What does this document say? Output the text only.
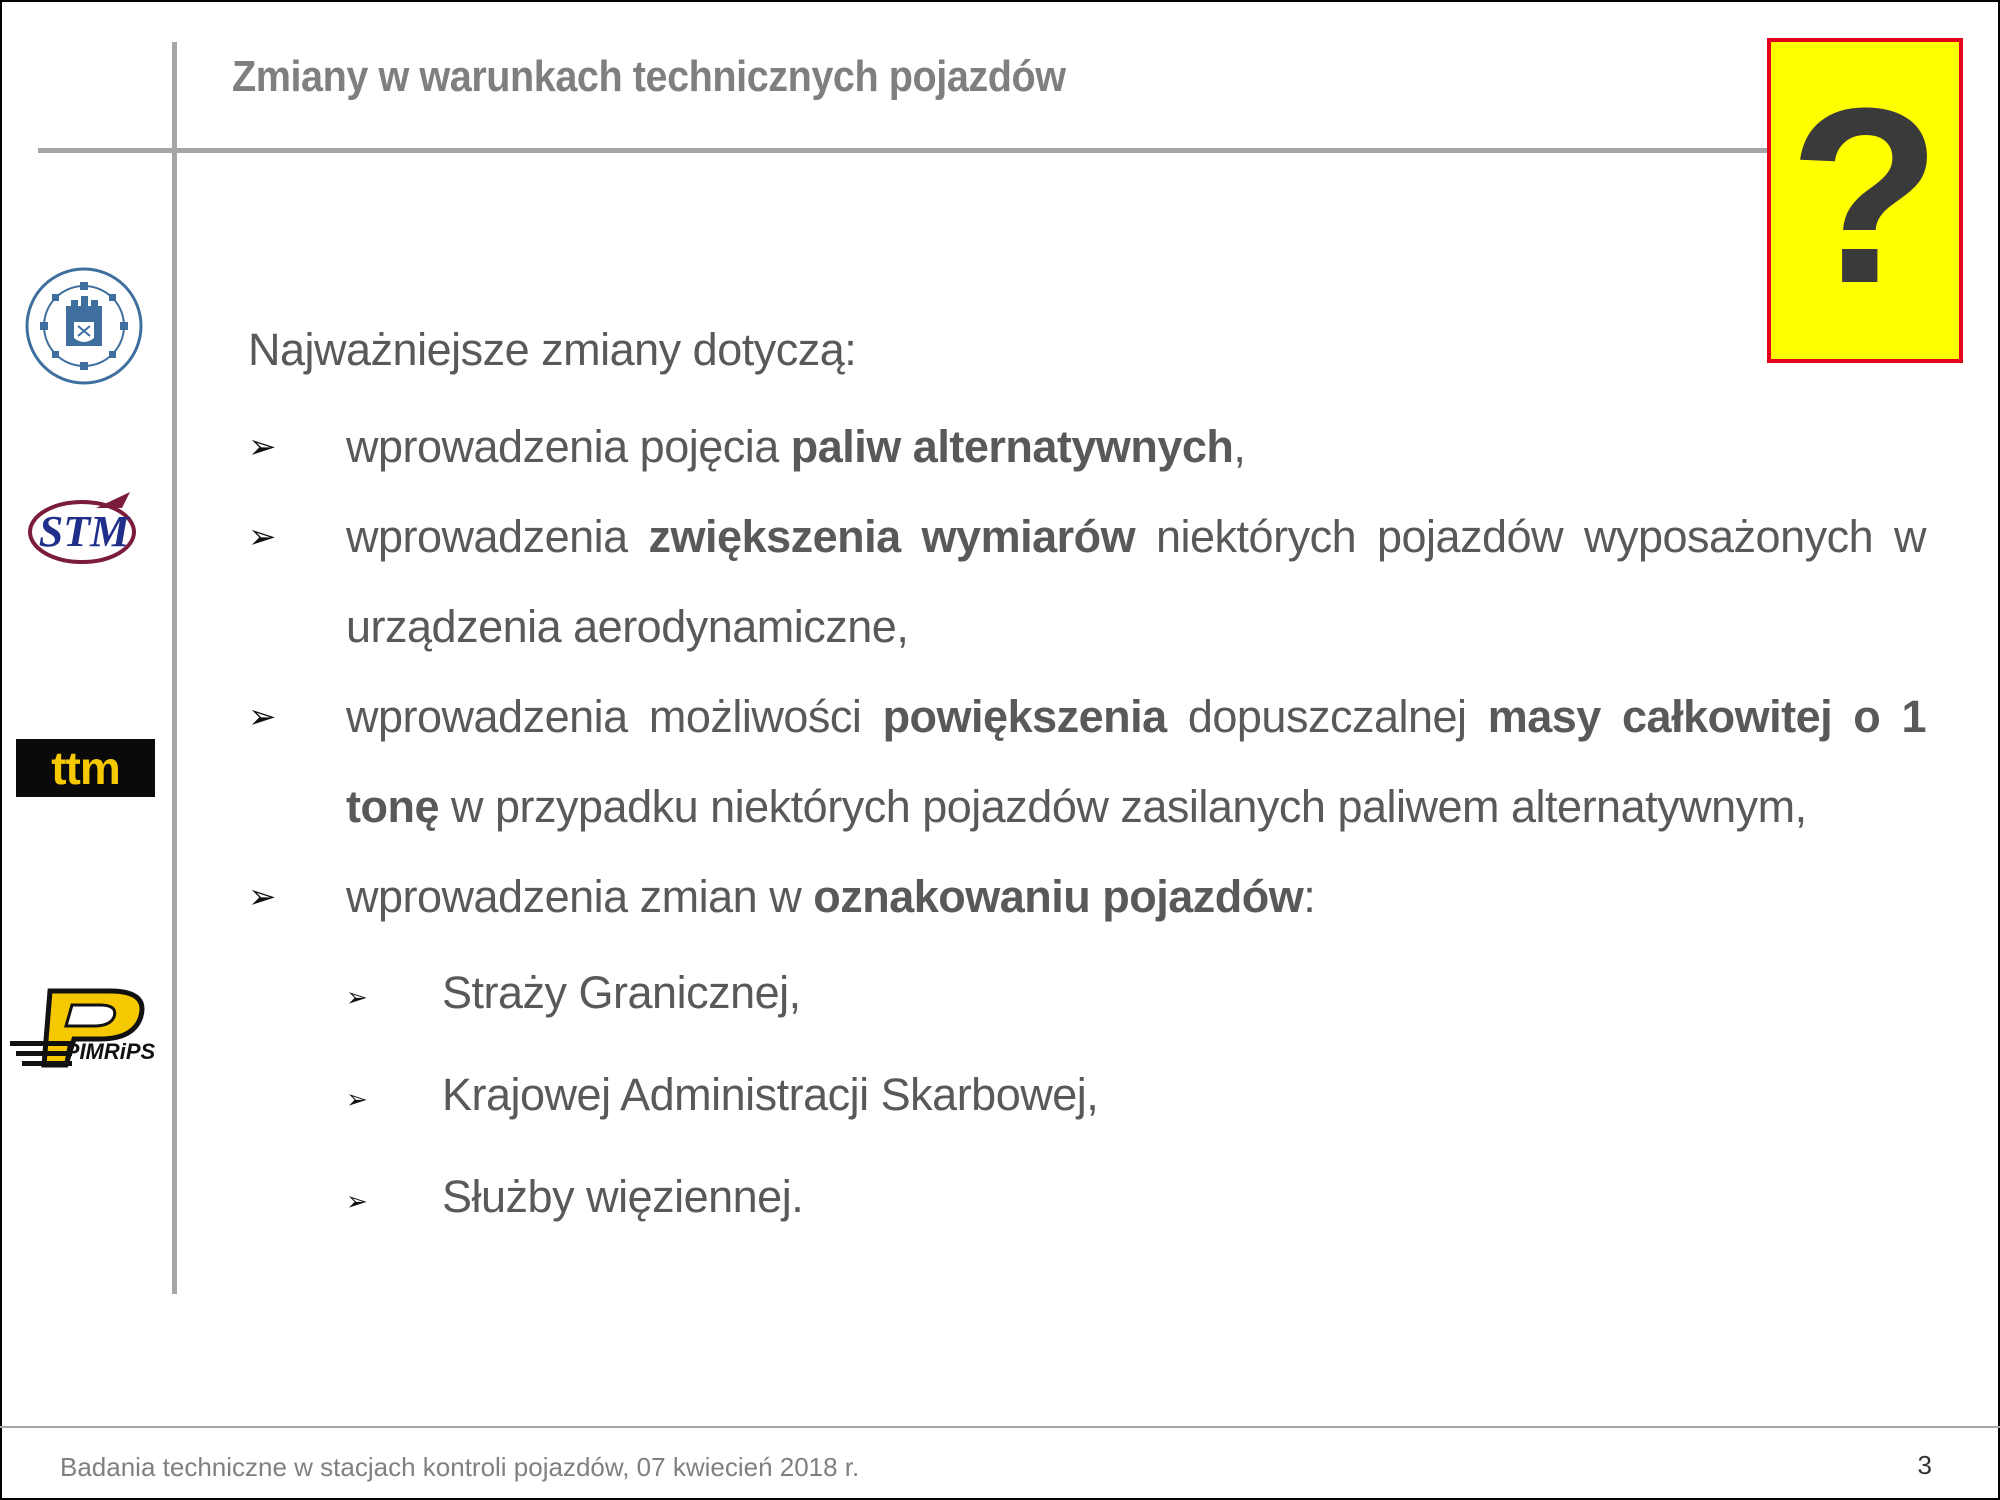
Zmiany w warunkach technicznych pojazdów	?
STM
ttm
PIMRiPS
Najważniejsze zmiany dotyczą:
➢ wprowadzenia pojęcia paliw alternatywnych,
➢ wprowadzenia zwiększenia wymiarów niektórych pojazdów wyposażonych w urządzenia aerodynamiczne,
➢ wprowadzenia możliwości powiększenia dopuszczalnej masy całkowitej o 1 tonę w przypadku niektórych pojazdów zasilanych paliwem alternatywnym,
➢ wprowadzenia zmian w oznakowaniu pojazdów:
➢ Straży Granicznej,
➢ Krajowej Administracji Skarbowej,
➢ Służby więziennej.
Badania techniczne w stacjach kontroli pojazdów, 07 kwiecień 2018 r.	3
